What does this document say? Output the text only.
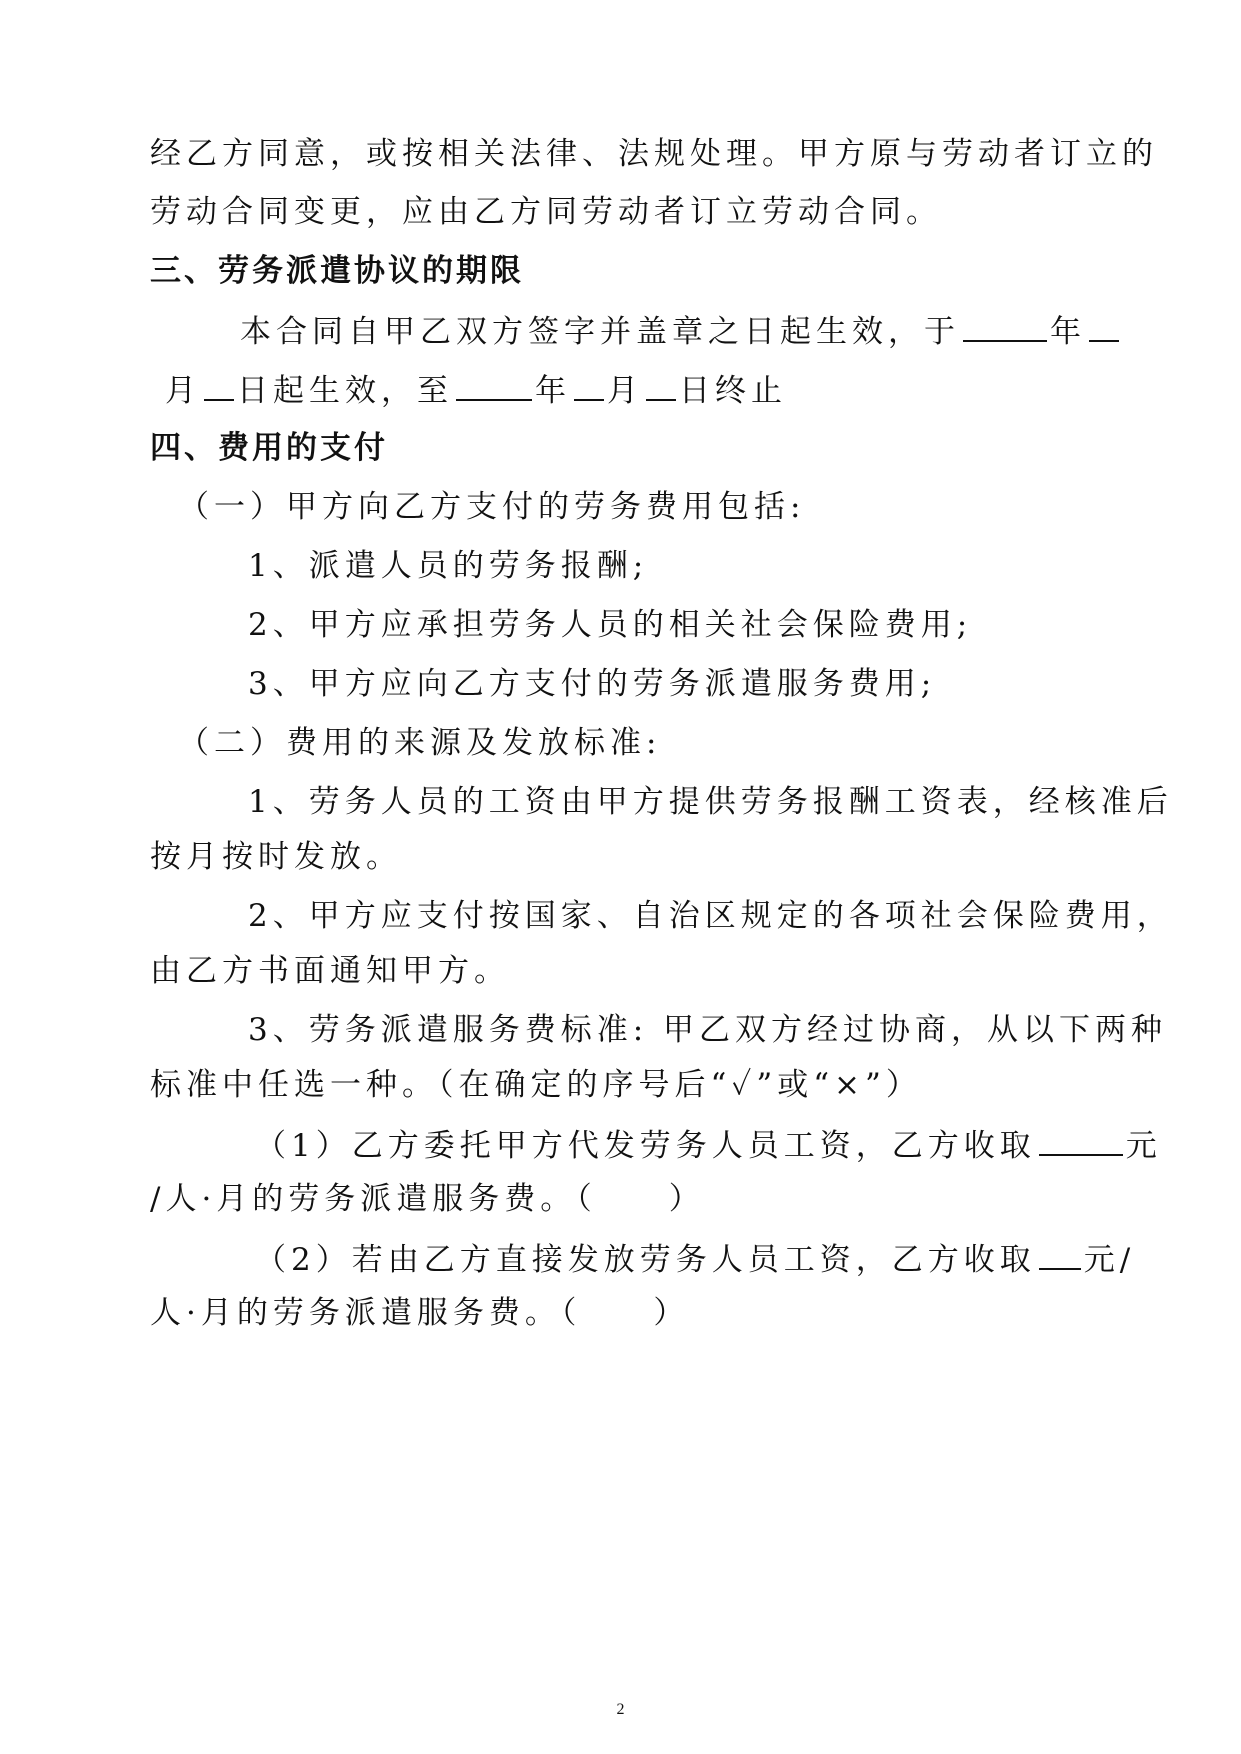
经乙方同意，或按相关法律、法规处理。甲方原与劳动者订立的
劳动合同变更，应由乙方同劳动者订立劳动合同。
三、劳务派遣协议的期限
本合同自甲乙双方签字并盖章之日起生效，于	年
月 日起生效，至	年 月 日终止
四、费用的支付
（一）甲方向乙方支付的劳务费用包括:
1、派遣人员的劳务报酬;
2、甲方应承担劳务人员的相关社会保险费用;
3、甲方应向乙方支付的劳务派遣服务费用;
（二）费用的来源及发放标准:
1、劳务人员的工资由甲方提供劳务报酬工资表，经核准后
按月按时发放。
2、甲方应支付按国家、自治区规定的各项社会保险费用，
由乙方书面通知甲方。
3、劳务派遣服务费标准: 甲乙双方经过协商，从以下两种
标准中任选一种。（在确定的序号后“✓”或“×”）
（1）乙方委托甲方代发劳务人员工资，乙方收取	元
/人·月的劳务派遣服务费。（　　）
（2）若由乙方直接发放劳务人员工资，乙方收取 元/
人·月的劳务派遣服务费。（　　）
2
